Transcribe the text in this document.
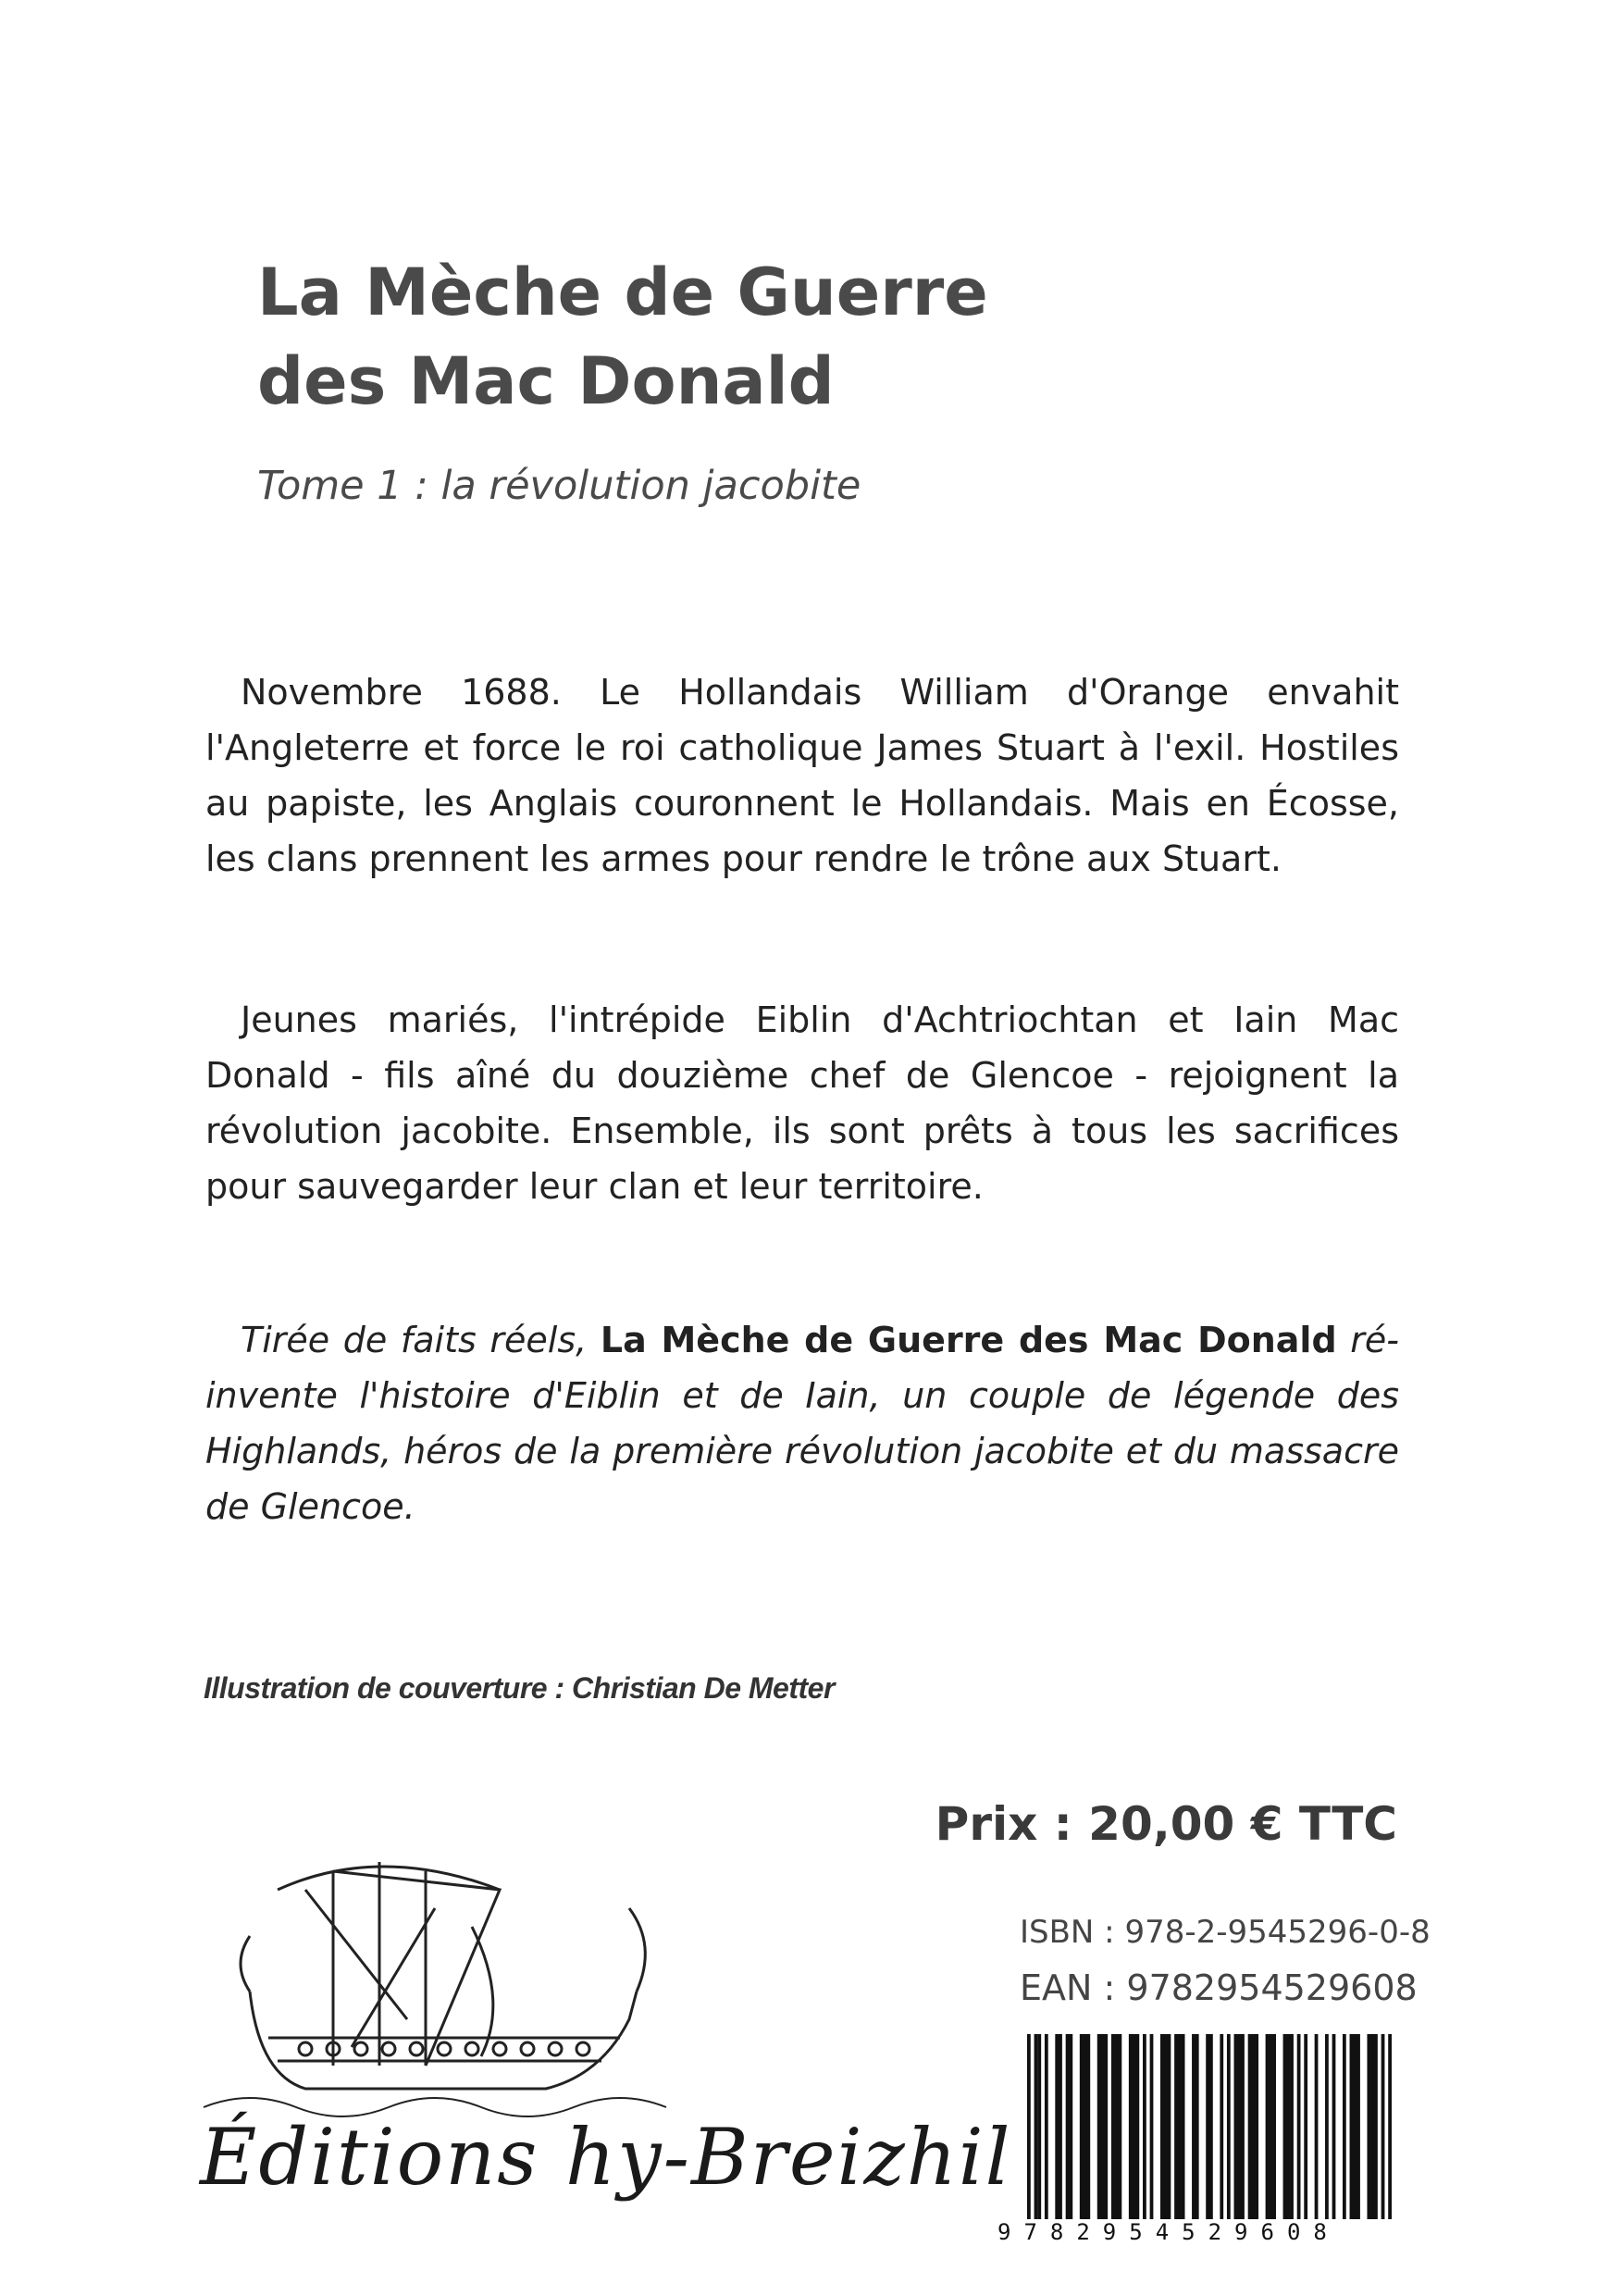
La Mèche de Guerre
des Mac Donald
Tome 1 : la révolution jacobite

Novembre 1688. Le Hollandais William d'Orange envahit l'Angleterre et force le roi catholique James Stuart à l'exil. Hostiles au papiste, les Anglais couronnent le Hollandais. Mais en Écosse, les clans prennent les armes pour rendre le trône aux Stuart.

Jeunes mariés, l'intrépide Eiblin d'Achtriochtan et Iain Mac Donald - fils aîné du douzième chef de Glencoe - rejoignent la révolution jacobite. Ensemble, ils sont prêts à tous les sacrifices pour sauvegarder leur clan et leur territoire.

Tirée de faits réels, La Mèche de Guerre des Mac Donald ré-invente l'histoire d'Eiblin et de Iain, un couple de légende des Highlands, héros de la première révolution jacobite et du massacre de Glencoe.

Illustration de couverture : Christian De Metter
Prix : 20,00 € TTC
ISBN : 978-2-9545296-0-8
EAN : 9782954529608
9782954529608
Éditions hy-Breizhil
